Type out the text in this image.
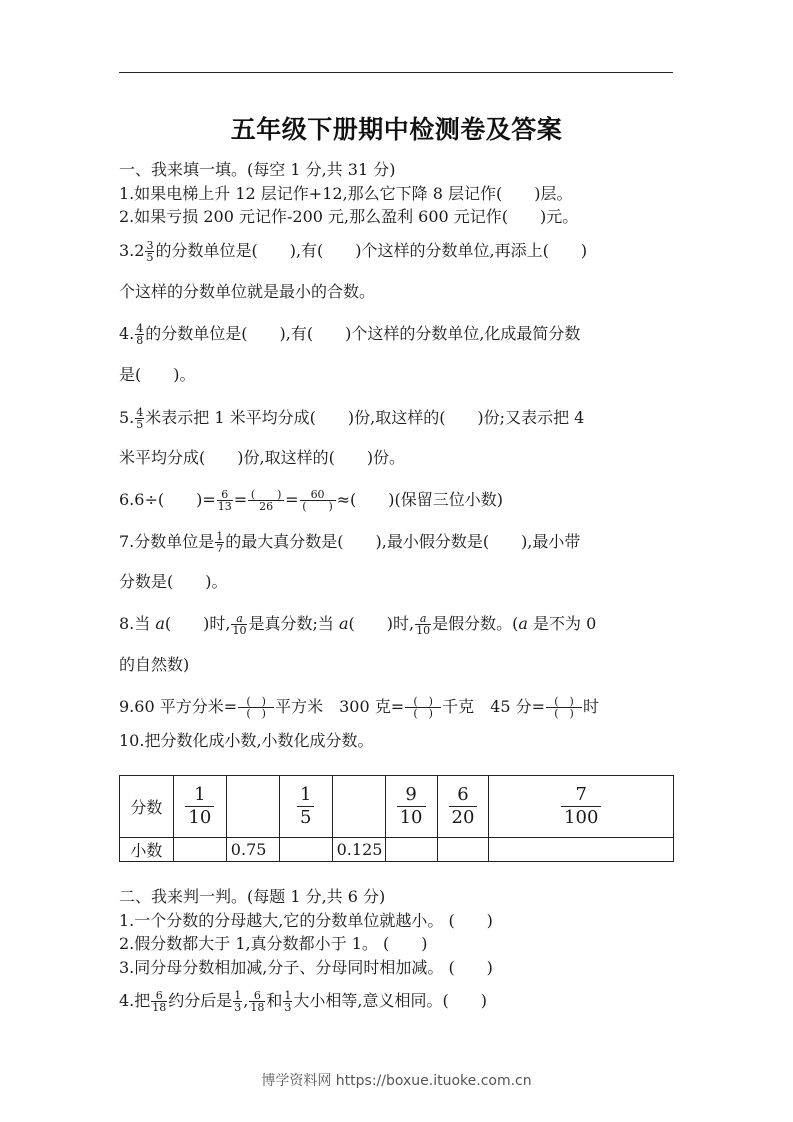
五年级下册期中检测卷及答案
一、我来填一填。(每空 1 分,共 31 分)
1.如果电梯上升 12 层记作+12,那么它下降 8 层记作(　　)层。
2.如果亏损 200 元记作-200 元,那么盈利 600 元记作(　　)元。
$3.2 \frac{3}{5}$ 的分数单位是(　　),有(　　)个这样的分数单位,再添上(　　)
个这样的分数单位就是最小的合数。
4. $\frac{4}{8}$ 的分数单位是(　　),有(　　)个这样的分数单位,化成最简分数
是(　　)。
5. $\frac{4}{5}$ 米表示把 1 米平均分成(　　)份,取这样的(　　)份;又表示把 4
米平均分成(　　)份,取这样的(　　)份。
6.6÷(　　)= $\frac{6}{13} = \frac{( )}{26} = \frac{60}{( )}$ ≈(　　)(保留三位小数)
7.分数单位是 $\frac{1}{7}$ 的最大真分数是(　　),最小假分数是(　　),最小带
分数是(　　)。
8.当 a(　　)时, $\frac{a}{10}$ 是真分数;当 a(　　)时, $\frac{a}{10}$ 是假分数。(a 是不为 0
的自然数)
9.60 平方分米= $\frac{( )}{( )}$ 平方米　300 克= $\frac{( )}{( )}$ 千克　45 分= $\frac{( )}{( )}$ 时
10.把分数化成小数,小数化成分数。
分数	$\frac{1}{10}$		$\frac{1}{5}$		$\frac{9}{10}$	$\frac{6}{20}$	$\frac{7}{100}$

小数		0.75		0.125			
二、我来判一判。(每题 1 分,共 6 分)
1.一个分数的分母越大,它的分数单位就越小。 (　　)
2.假分数都大于 1,真分数都小于 1。 (　　)
3.同分母分数相加减,分子、分母同时相加减。 (　　)
4.把 $\frac{6}{18}$ 约分后是 $\frac{1}{3}$ , $\frac{6}{18}$ 和 $\frac{1}{3}$ 大小相等,意义相同。(　　)
博学资料网 https://boxue.ituoke.com.cn
